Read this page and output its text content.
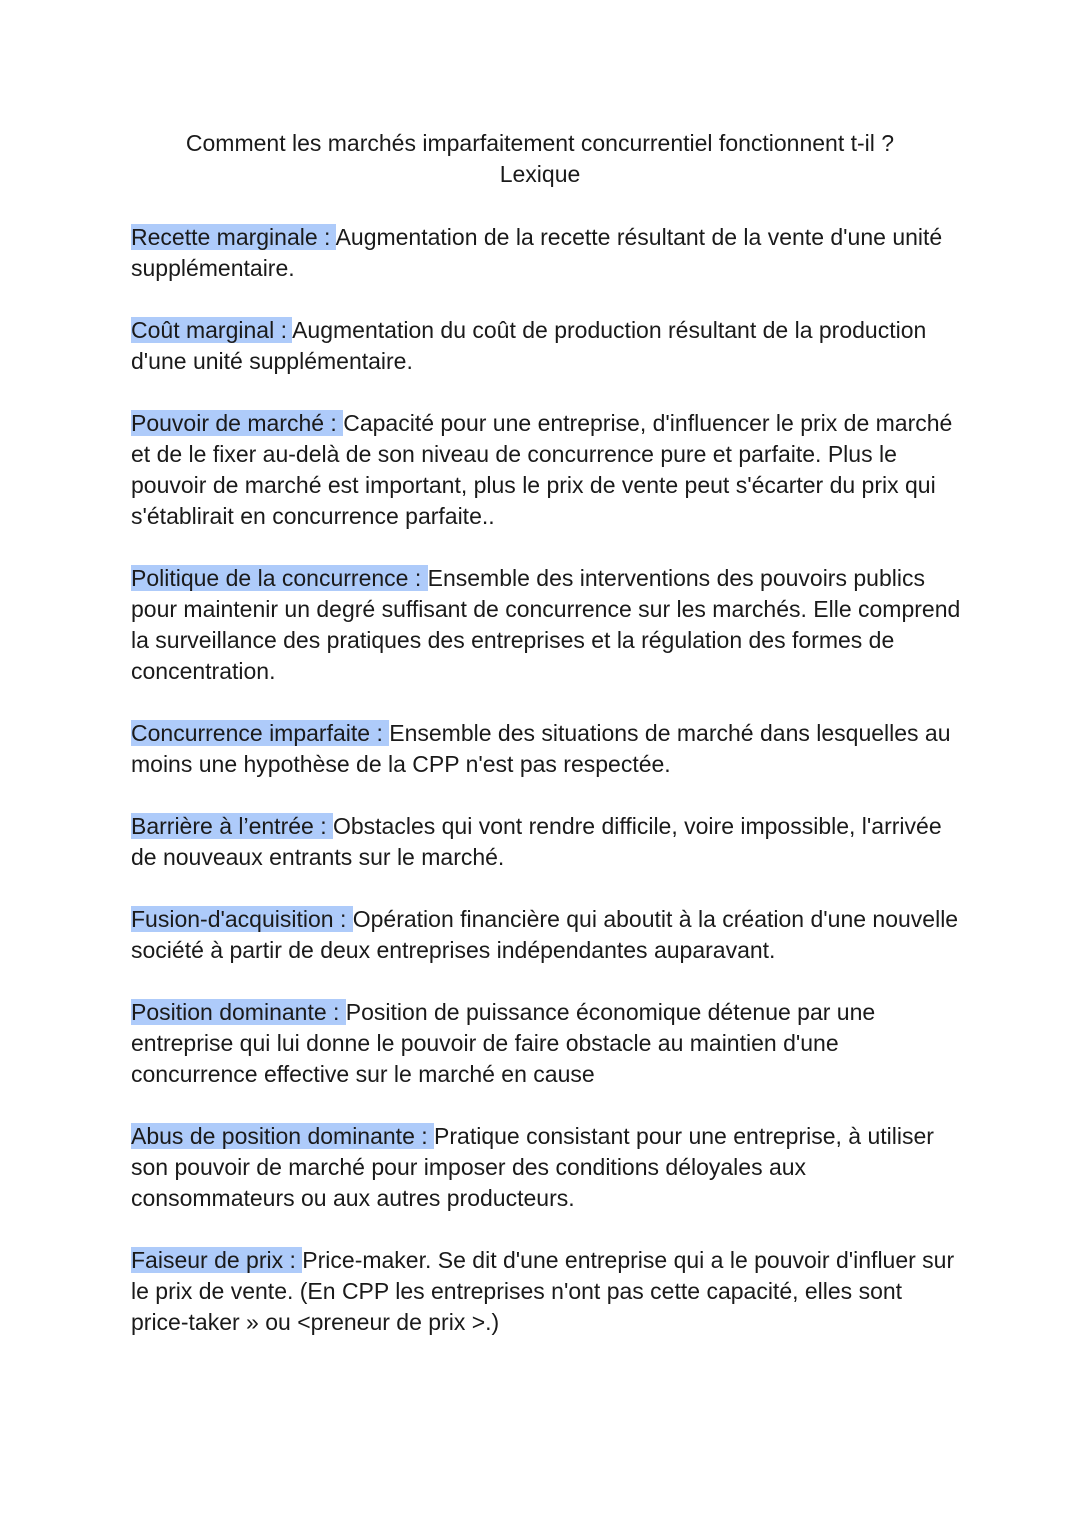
Comment les marchés imparfaitement concurrentiel fonctionnent t-il ?
Lexique

Recette marginale : Augmentation de la recette résultant de la vente d'une unité supplémentaire.

Coût marginal : Augmentation du coût de production résultant de la production d'une unité supplémentaire.

Pouvoir de marché : Capacité pour une entreprise, d'influencer le prix de marché et de le fixer au-delà de son niveau de concurrence pure et parfaite. Plus le pouvoir de marché est important, plus le prix de vente peut s'écarter du prix qui s'établirait en concurrence parfaite..

Politique de la concurrence : Ensemble des interventions des pouvoirs publics pour maintenir un degré suffisant de concurrence sur les marchés. Elle comprend la surveillance des pratiques des entreprises et la régulation des formes de concentration.

Concurrence imparfaite : Ensemble des situations de marché dans lesquelles au moins une hypothèse de la CPP n'est pas respectée.

Barrière à l’entrée : Obstacles qui vont rendre difficile, voire impossible, l'arrivée de nouveaux entrants sur le marché.

Fusion-d'acquisition : Opération financière qui aboutit à la création d'une nouvelle société à partir de deux entreprises indépendantes auparavant.

Position dominante : Position de puissance économique détenue par une entreprise qui lui donne le pouvoir de faire obstacle au maintien d'une concurrence effective sur le marché en cause

Abus de position dominante : Pratique consistant pour une entreprise, à utiliser son pouvoir de marché pour imposer des conditions déloyales aux consommateurs ou aux autres producteurs.

Faiseur de prix : Price-maker. Se dit d'une entreprise qui a le pouvoir d'influer sur le prix de vente. (En CPP les entreprises n'ont pas cette capacité, elles sont price-taker » ou <preneur de prix >.)
